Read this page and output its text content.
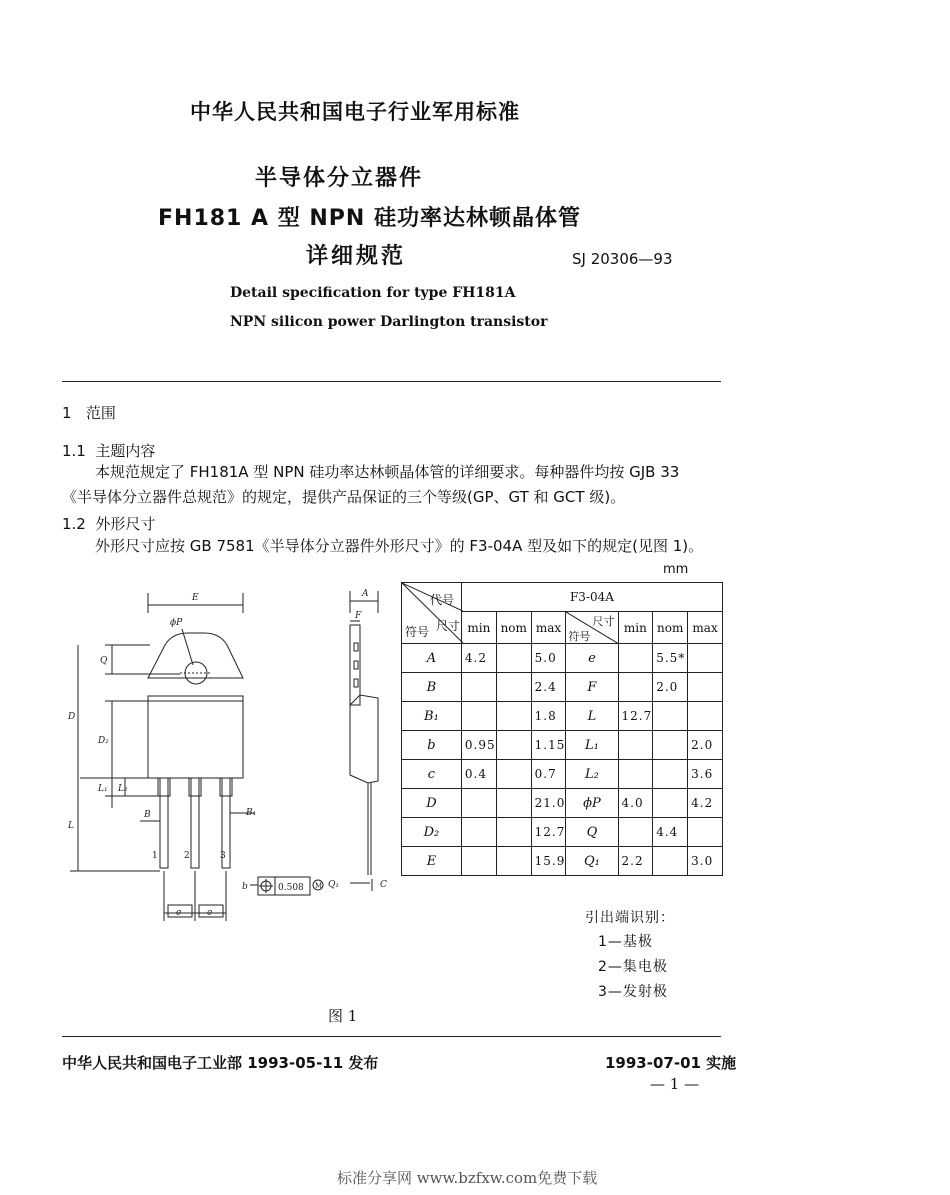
中华人民共和国电子行业军用标准
半导体分立器件
FH181 A 型 NPN 硅功率达林顿晶体管
详细规范	SJ 20306—93
Detail specification for type FH181A
NPN silicon power Darlington transistor
1 范围
1.1 主题内容
本规范规定了 FH181A 型 NPN 硅功率达林顿晶体管的详细要求。每种器件均按 GJB 33
《半导体分立器件总规范》的规定，提供产品保证的三个等级(GP、GT 和 GCT 级)。
1.2 外形尺寸
外形尺寸应按 GB 7581《半导体分立器件外形尺寸》的 F3-04A 型及如下的规定(见图 1)。
mm
E
ϕP
1	2	3
Q
D
D₂
L₁ L₂
L
B	B₁
b	0.508 M
e	e
A
F
Q₁	C
代号
符号 尺寸	F3-04A						
	min	nom	max	尺寸
符号	min	nom	max
A	4.2		5.0	e		5.5*	
B			2.4	F		2.0	
B₁			1.8	L	12.7		
b	0.95		1.15	L₁			2.0
c	0.4		0.7	L₂			3.6
D			21.0	ϕP	4.0		4.2
D₂			12.7	Q		4.4	
E			15.9	Q₁	2.2		3.0
引出端识别：
1—基极
2—集电极
3—发射极
图 1
中华人民共和国电子工业部 1993-05-11 发布	1993-07-01 实施
— 1 —
标准分享网 www.bzfxw.com免费下载
